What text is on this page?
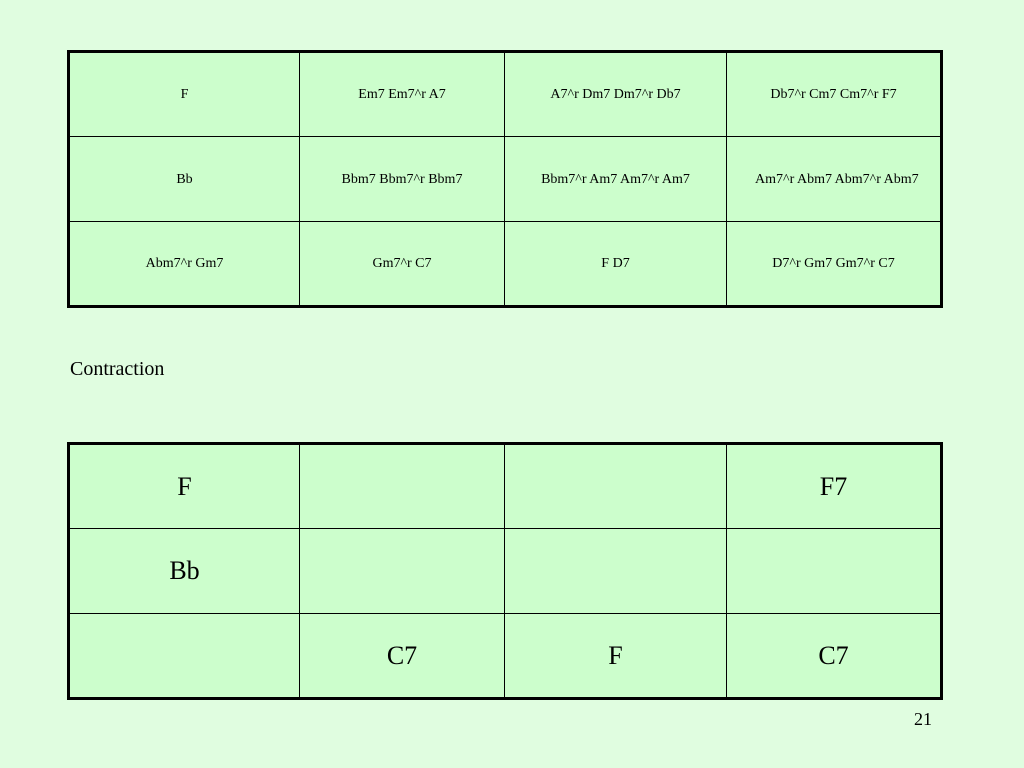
F	Em7 Em7^r A7	A7^r Dm7 Dm7^r Db7	Db7^r Cm7 Cm7^r F7
Bb	Bbm7 Bbm7^r Bbm7	Bbm7^r Am7 Am7^r Am7	Am7^r Abm7 Abm7^r Abm7
Abm7^r Gm7	Gm7^r C7	F D7	D7^r Gm7 Gm7^r C7
Contraction
F			F7
Bb			
	C7	F	C7
21
